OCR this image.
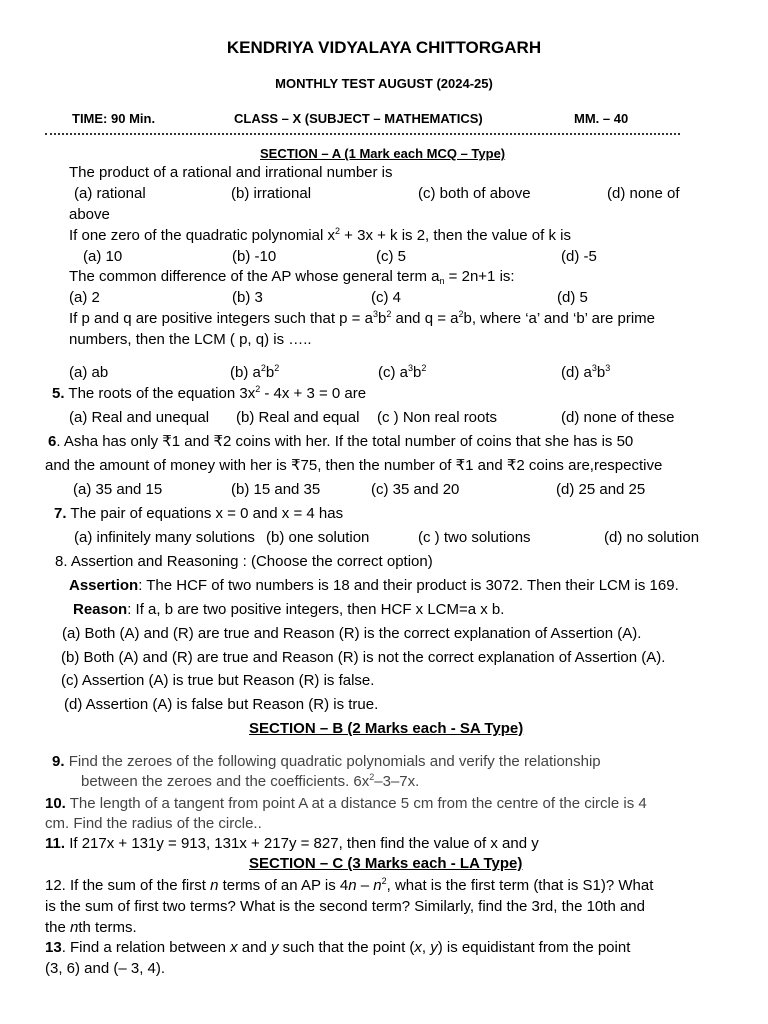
KENDRIYA VIDYALAYA CHITTORGARH
MONTHLY TEST AUGUST (2024-25)
TIME: 90 Min.	CLASS – X (SUBJECT – MATHEMATICS)	MM. – 40
SECTION – A (1 Mark each MCQ – Type)
The product of a rational and irrational number is
(a) rational	(b) irrational	(c) both of above	(d) none of
above
If one zero of the quadratic polynomial $x^2 + 3x + k$ is 2, then the value of k is
(a) 10	(b) -10	(c) 5	(d) -5
The common difference of the AP whose general term $a_n = 2n+1$ is:
(a) 2	(b) 3	(c) 4	(d) 5
If p and q are positive integers such that $p = a^3b^2$ and $q = a^2b$, where ‘a’ and ‘b’ are prime
numbers, then the LCM ( p, q) is …..
(a) ab	(b) $a^2b^2$	(c) $a^3b^2$	(d) $a^3b^3$
5. The roots of the equation $3x^2 - 4x + 3 = 0$ are
(a) Real and unequal (b) Real and equal (c ) Non real roots	(d) none of these
6. Asha has only ₹1 and ₹2 coins with her. If the total number of coins that she has is 50
and the amount of money with her is ₹75, then the number of ₹1 and ₹2 coins are,respective
(a) 35 and 15	(b) 15 and 35	(c) 35 and 20	(d) 25 and 25
7. The pair of equations x = 0 and x = 4 has
(a) infinitely many solutions (b) one solution	(c ) two solutions	(d) no solution
8. Assertion and Reasoning : (Choose the correct option)
Assertion: The HCF of two numbers is 18 and their product is 3072. Then their LCM is 169.
Reason: If a, b are two positive integers, then HCF x LCM=a x b.
(a) Both (A) and (R) are true and Reason (R) is the correct explanation of Assertion (A).
(b) Both (A) and (R) are true and Reason (R) is not the correct explanation of Assertion (A).
(c) Assertion (A) is true but Reason (R) is false.
(d) Assertion (A) is false but Reason (R) is true.
SECTION – B (2 Marks each - SA Type)
9. Find the zeroes of the following quadratic polynomials and verify the relationship
between the zeroes and the coefficients. $6x^2-3-7x$.
10. The length of a tangent from point A at a distance 5 cm from the centre of the circle is 4
cm. Find the radius of the circle..
11. If 217x + 131y = 913, 131x + 217y = 827, then find the value of x and y
SECTION – C (3 Marks each - LA Type)
12. If the sum of the first n terms of an AP is $4n - n^2$, what is the first term (that is S1)? What
is the sum of first two terms? What is the second term? Similarly, find the 3rd, the 10th and
the nth terms.
13. Find a relation between x and y such that the point (x, y) is equidistant from the point
(3, 6) and (– 3, 4).
